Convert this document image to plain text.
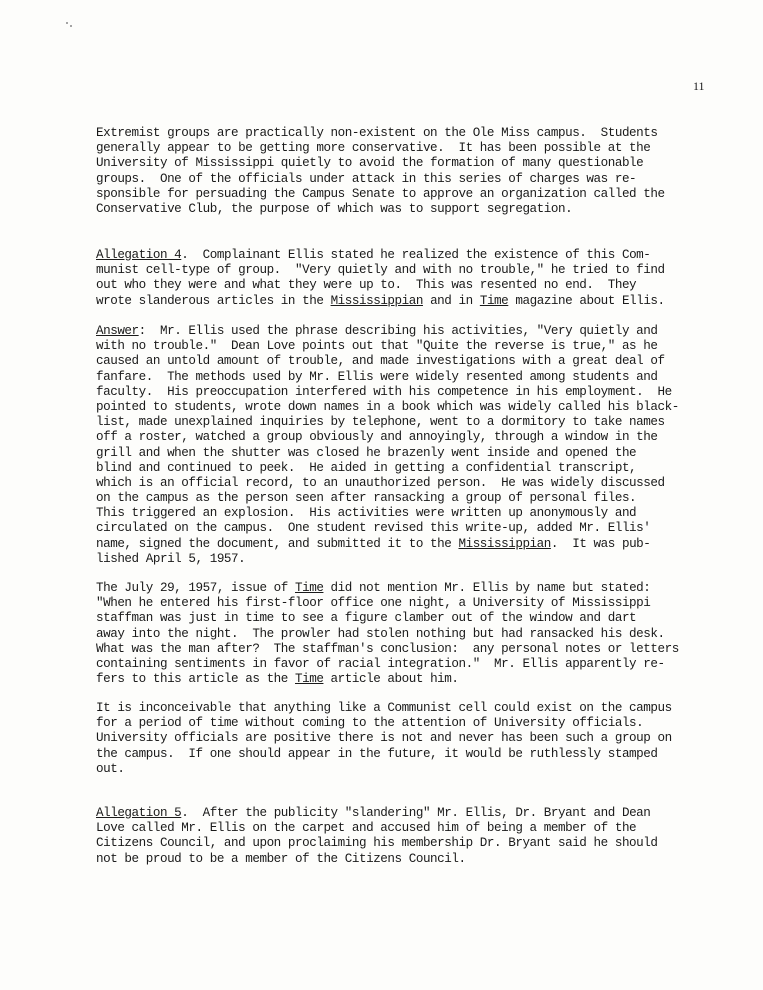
11
Extremist groups are practically non-existent on the Ole Miss campus.  Students
generally appear to be getting more conservative.  It has been possible at the
University of Mississippi quietly to avoid the formation of many questionable
groups.  One of the officials under attack in this series of charges was re-
sponsible for persuading the Campus Senate to approve an organization called the
Conservative Club, the purpose of which was to support segregation.
Allegation 4.  Complainant Ellis stated he realized the existence of this Com-
munist cell-type of group.  "Very quietly and with no trouble," he tried to find
out who they were and what they were up to.  This was resented no end.  They
wrote slanderous articles in the Mississippian and in Time magazine about Ellis.
Answer:  Mr. Ellis used the phrase describing his activities, "Very quietly and
with no trouble."  Dean Love points out that "Quite the reverse is true," as he
caused an untold amount of trouble, and made investigations with a great deal of
fanfare.  The methods used by Mr. Ellis were widely resented among students and
faculty.  His preoccupation interfered with his competence in his employment.  He
pointed to students, wrote down names in a book which was widely called his black-
list, made unexplained inquiries by telephone, went to a dormitory to take names
off a roster, watched a group obviously and annoyingly, through a window in the
grill and when the shutter was closed he brazenly went inside and opened the
blind and continued to peek.  He aided in getting a confidential transcript,
which is an official record, to an unauthorized person.  He was widely discussed
on the campus as the person seen after ransacking a group of personal files.
This triggered an explosion.  His activities were written up anonymously and
circulated on the campus.  One student revised this write-up, added Mr. Ellis'
name, signed the document, and submitted it to the Mississippian.  It was pub-
lished April 5, 1957.
The July 29, 1957, issue of Time did not mention Mr. Ellis by name but stated:
"When he entered his first-floor office one night, a University of Mississippi
staffman was just in time to see a figure clamber out of the window and dart
away into the night.  The prowler had stolen nothing but had ransacked his desk.
What was the man after?  The staffman's conclusion:  any personal notes or letters
containing sentiments in favor of racial integration."  Mr. Ellis apparently re-
fers to this article as the Time article about him.
It is inconceivable that anything like a Communist cell could exist on the campus
for a period of time without coming to the attention of University officials.
University officials are positive there is not and never has been such a group on
the campus.  If one should appear in the future, it would be ruthlessly stamped
out.
Allegation 5.  After the publicity "slandering" Mr. Ellis, Dr. Bryant and Dean
Love called Mr. Ellis on the carpet and accused him of being a member of the
Citizens Council, and upon proclaiming his membership Dr. Bryant said he should
not be proud to be a member of the Citizens Council.
